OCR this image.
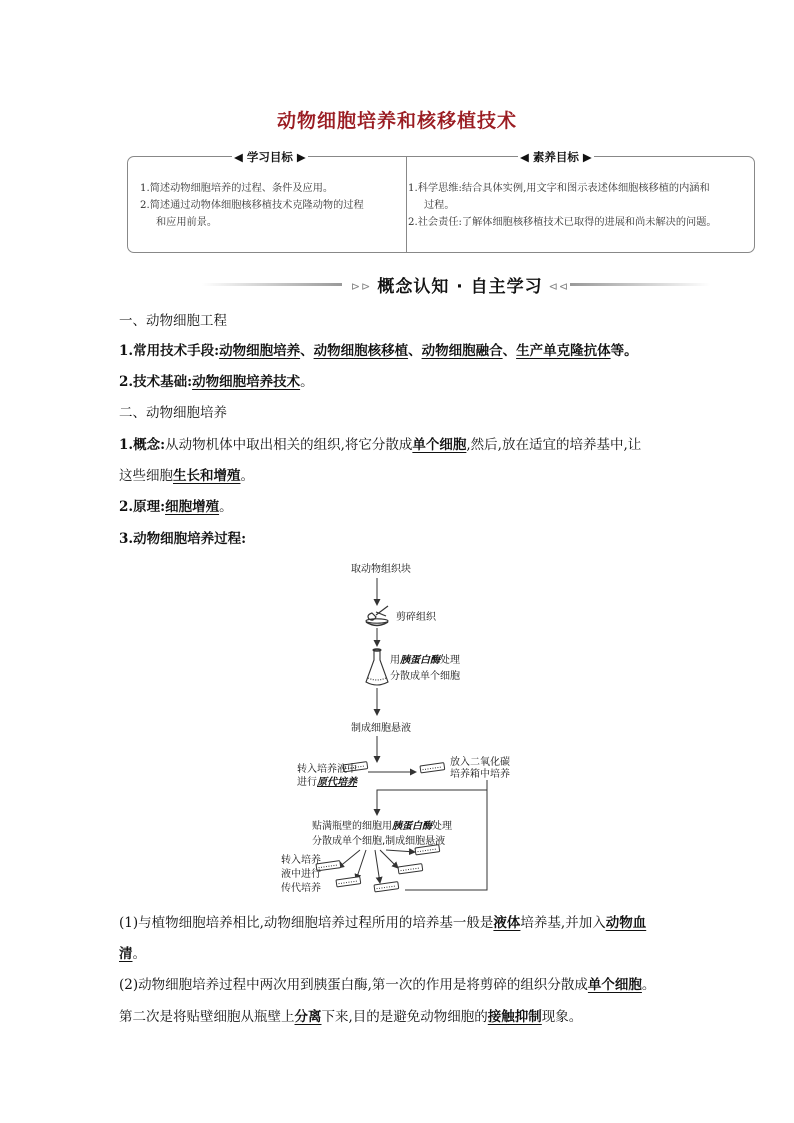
动物细胞培养和核移植技术
◀ 学习目标 ▶	◀ 素养目标 ▶

1.简述动物细胞培养的过程、条件及应用。

2.简述通过动物体细胞核移植技术克隆动物的过程

和应用前景。

1.科学思维:结合具体实例,用文字和图示表述体细胞核移植的内涵和

过程。

2.社会责任:了解体细胞核移植技术已取得的进展和尚未解决的问题。

⊳⊳ 概念认知 · 自主学习 ⊲⊲
一、动物细胞工程
1.常用技术手段:动物细胞培养、动物细胞核移植、动物细胞融合、生产单克隆抗体等。
2.技术基础:动物细胞培养技术。
二、动物细胞培养
1.概念:从动物机体中取出相关的组织,将它分散成单个细胞,然后,放在适宜的培养基中,让
这些细胞生长和增殖。
2.原理:细胞增殖。
3.动物细胞培养过程:
取动物组织块
剪碎组织
用胰蛋白酶处理
分散成单个细胞
制成细胞悬液
转入培养液中
进行原代培养
放入二氧化碳
培养箱中培养
贴满瓶壁的细胞用胰蛋白酶处理
分散成单个细胞,制成细胞悬液
转入培养
液中进行
传代培养
(1)与植物细胞培养相比,动物细胞培养过程所用的培养基一般是液体培养基,并加入动物血
清。
(2)动物细胞培养过程中两次用到胰蛋白酶,第一次的作用是将剪碎的组织分散成单个细胞。
第二次是将贴壁细胞从瓶壁上分离下来,目的是避免动物细胞的接触抑制现象。
